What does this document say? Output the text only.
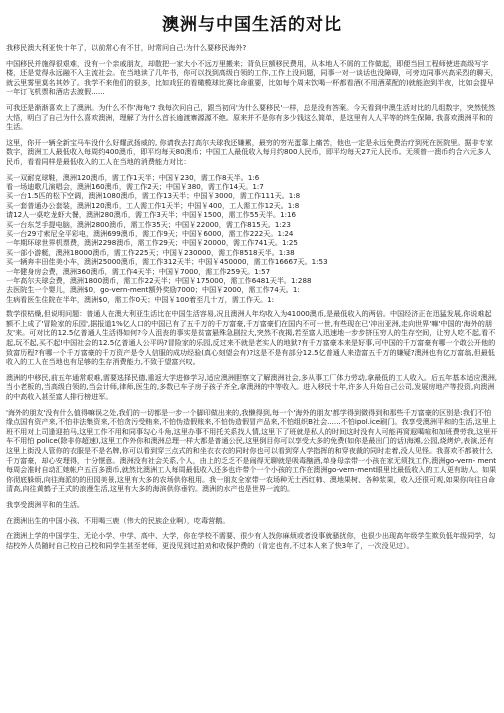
澳洲与中国生活的对比

我移民澳大利亚快十年了，以前常心有不甘，时常问自己:为什么要移民海外?

中国移民并施得很艰难，没有一个亲戚朋友，却散把一家大小不远万里搬来；背负巨额移民费用，从本地人不屑的工作做起，即便当回工程师使进高级写字楼，还是觉得永远融不入主流社会。在当地读了几年书，你可以找到高级白领的工作,工作上没问题，同事一对一谈话也没障碍，可旁边同事兴高采烈的聊天，就云里雾里莫名其妙了。我学不来他们的很多，比如戏狂的看橄榄球比赛比命重要，比如每个周末饮喝一杯都看酒(不用酒菜配的)就能泡到半夜，比如会提早一年订飞机票和酒店去渡假......

可我还是渐渐喜欢上了澳洲。为什么不作'海龟'? 我每次问自己，跟当初问'为什么要移民'一样，总是没有答案。今天看到中澳生活对比的几组数字，突然恍然大悟，明白了自己为什么喜欢澳洲，理解了为什么首长逾渡寨源源不绝。原来并不是你有多少钱这么简单，是这里有人人平等的终生保障, 我喜欢澳洲平和的生活。

这里，你开一辆全新宝马车没什么好耀武扬威的, 你请我去打高尔夫球我还嫌累，最穷的穷光蛋靠上痛苦，他也一定是永远免费治疗到死在医院里。据非专家数字，澳洲工人最低收入每周约400澳币，即平均每天80澳币；中国工人最低收入每月约800人民币，即平均每天27元人民币。无须曾一澳币约合六元多人民币，看看同样是最低收入的工人在当地的消费能力对比：

买一双耐克球鞋，澳洲120澳币，需工作1天半；中国￥230，需工作8天半。1:6
看一场迪歌几演唱会，澳洲160澳币，需工作2天；中国￥380，需工作14天。1:7
买一台1.5匹的松下空调，澳洲1080澳币，需工作13天半；中国￥3000，需工作111天。1:8
买一套普通办公套装，澳洲120澳币，工人需工作1天半；中国￥400，工人需工作12天。1:8
请12人一桌吃龙虾大餐，澳洲280澳币，需工作3天半；中国￥1500，需工作55天半。1:16
买一台东芝手提电脑，澳洲2800澳币，需工作35天；中国￥22000，需工作815天。1:23
买一台29寸索尼全平彩电，澳洲699澳币，需工作9天；中国￥6000，需工作222天。1:24
一年期环球世界机票费，澳洲2298澳币，需工作29天；中国￥20000，需工作741天。1:25
买一部小游艇，澳洲18000澳币，需工作225天；中国￥230000，需工作8518天半。1:38
买一辆奔丰田佳美小车，澳洲25000澳币，需工作312天半；中国￥450000，需工作16667天。1:53
一年健身房会费，澳洲360澳币，需工作4天半；中国￥7000，需工作259天。1:57
一年高尔夫球会费，澳洲1800澳币，需工作22天半；中国￥175000，需工作6481天半。1:288
去医院生一个婴儿，澳洲$0，go-vern-ment额外奖励7000；中国￥2000，需工作74天。1:
生病看医生住院在半年，澳洲$0，需工作0天；中国￥100着至几十万，需工作天。1:

数学很枯燥,但说明问题：普通人在澳大利亚生活比在中国生活容易,况且澳洲人年均收入为41000澳币,是最低收入的两倍。中国经济正在迅猛发展,你说难起额不上成了'冒险家的乐园',据报道1%亿人口的中国已有了五千万的千万富豪,千万富豪们在国内不可一世,有些现在已'冲出亚洲,走向世界'嘛'中国的'海外的朋友'来。可对比的12.5亿普通人生活得如何?今人沮丧的事实是贫富悬殊急剧拉大,突然不夜揭,若至富人迅速地一步步挤压穷人的生存空间，让穷人吃不起,看不起,玩不起,买不起!中国社会的12.5亿普通人公平吗?冒险家的乐园,反过来不就是老实人的地狱?有千万富豪本来是好事,可中国的千万富豪有哪一个敢公开他的致富历程?有哪一个千万富豪的千万资产是令人信服的成功经验(真心刻望会有)?这是不是有部分12.5亿普通人来造富五千万的嫌疑?澳洲也有亿万富翁,但最低收入的工人在当地也有足够的生存消费能力,不致于望富兴叹。

澳洲的中移民,前五年通常艰难,需要选择民德,重返大学进修学习,适应澳洲胆察文了解澳洲社会,多从事工厂体力劳动,拿最低的工人收入。后五年基本适应澳洲,当小老板的,当高级白领的,当会计师,律师,医生的,多数已车子房子孩子齐全,拿澳洲的中等收入。进入移民十年,许多人升始自己公司,发展房地产等投资,向澳洲的中高收入甚至富人排行榜进军。

'海外的朋友'没有什么值得嘛误之处,我们的一切都是一步一个脚印做出来的,我懒得到,每一个'海外的朋友'都学得到微得到和那些千万富豪的区别是:我们不怕缘点国有资产来,不怕非法集资来,不怕贪污受贿来,不怕伪造假账来,不怕伪造假冒产品来,不怕组织B社会......不怕ipol.ice刷门。我享受澳洲平和的生活,这里上班不用对上司逢迎拍马,这里工作不用和同事勾心斗角,这里办事不用托关系找人情,这里下了班就是私人的时间这时没有人可能再窝遐噶喧和加班费劳我,这里开车不用怕 police(除非你超速),这里工作外你和澳洲总理一样大都是普通公民,这里倒目你可以享受大多的免费(如你是最出门的话)海滩,公园,烧烤炉,表演,还有这里上街没人管你的衣服是不是名牌,你可以看到穿三点式的和坐衣衣衣的同时你也可以看到穿人学指挥的和穿夜裁的同时走着,没人见怪。我喜欢不都被什么千万富豪，却心安理得，十分惬意。澳洲没有社会关系,个人，由上的乏乏不是闹得无聊就是吸毒酗酒,单身母亲带一小孩在家无须找工作,澳洲go-vern- ment每周会准时自动汇她帐户五百多澳币,就然比澳洲工人每周最低收入还多也许带个一个小孩的工作在澳洲go-vern-ment眼里比最低收入的工人更有助人。如果你彻底躲烦,向往海派的的田园美景,这里有大多的农场供你租用。我一朋友全家带一农场种无土西红柿、澳地果树、各种浆果，收入还很可观,如果你向往自命清高,向往黄鹤子王式的浪漫生活,这里有大多的海滨供你垂钓。澳洲的水产也是世界一流的。

我享受澳洲平和的生活。

在澳洲出生的中国小孩、不用喝三鹿（伟大的民族企业啊），吃毒营鹅。

在澳洲上学的中国学生、无论小学、中学、高中、大学，你在学校不需要、很少有人找你麻烦或者没事就骚扰你，也很少出现高年级学生欺负低年级同学，勾结校外人员随时自己校自己校和同学生甚至老师，更没见到过拍劝和收保护费的（肯定也有,不过本人来了快3年了，一次没见过）。
